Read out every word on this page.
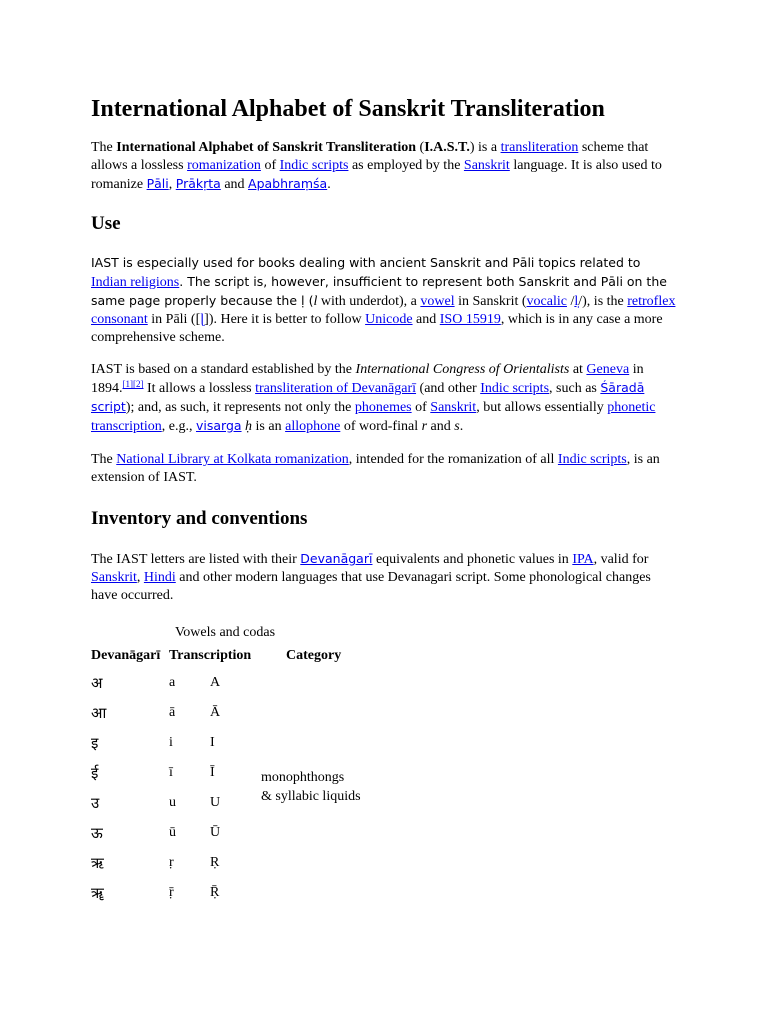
International Alphabet of Sanskrit Transliteration

The International Alphabet of Sanskrit Transliteration (I.A.S.T.) is a transliteration scheme that allows a lossless romanization of Indic scripts as employed by the Sanskrit language. It is also used to romanize Pāli, Prākṛta and Apabhraṃśa.

Use

IAST is especially used for books dealing with ancient Sanskrit and Pāli topics related to Indian religions. The script is, however, insufficient to represent both Sanskrit and Pāli on the same page properly because the ḷ (l with underdot), a vowel in Sanskrit (vocalic /l̩/), is the retroflex consonant in Pāli ([ɭ]). Here it is better to follow Unicode and ISO 15919, which is in any case a more comprehensive scheme.

IAST is based on a standard established by the International Congress of Orientalists at Geneva in 1894.[1][2] It allows a lossless transliteration of Devanāgarī (and other Indic scripts, such as Śāradā script); and, as such, it represents not only the phonemes of Sanskrit, but allows essentially phonetic transcription, e.g., visarga ḥ is an allophone of word-final r and s.

The National Library at Kolkata romanization, intended for the romanization of all Indic scripts, is an extension of IAST.

Inventory and conventions

The IAST letters are listed with their Devanāgarī equivalents and phonetic values in IPA, valid for Sanskrit, Hindi and other modern languages that use Devanagari script. Some phonological changes have occurred.

Vowels and codas
Devanāgarī Transcription Category
अ	a A
आ	ā Ā
इ	i	I
ई	ī	Ī
उ	u U
ऊ	ū Ū
ऋ	ṛ	Ṛ
ॠ	ṝ	Ṝ
monophthongs
& syllabic liquids
